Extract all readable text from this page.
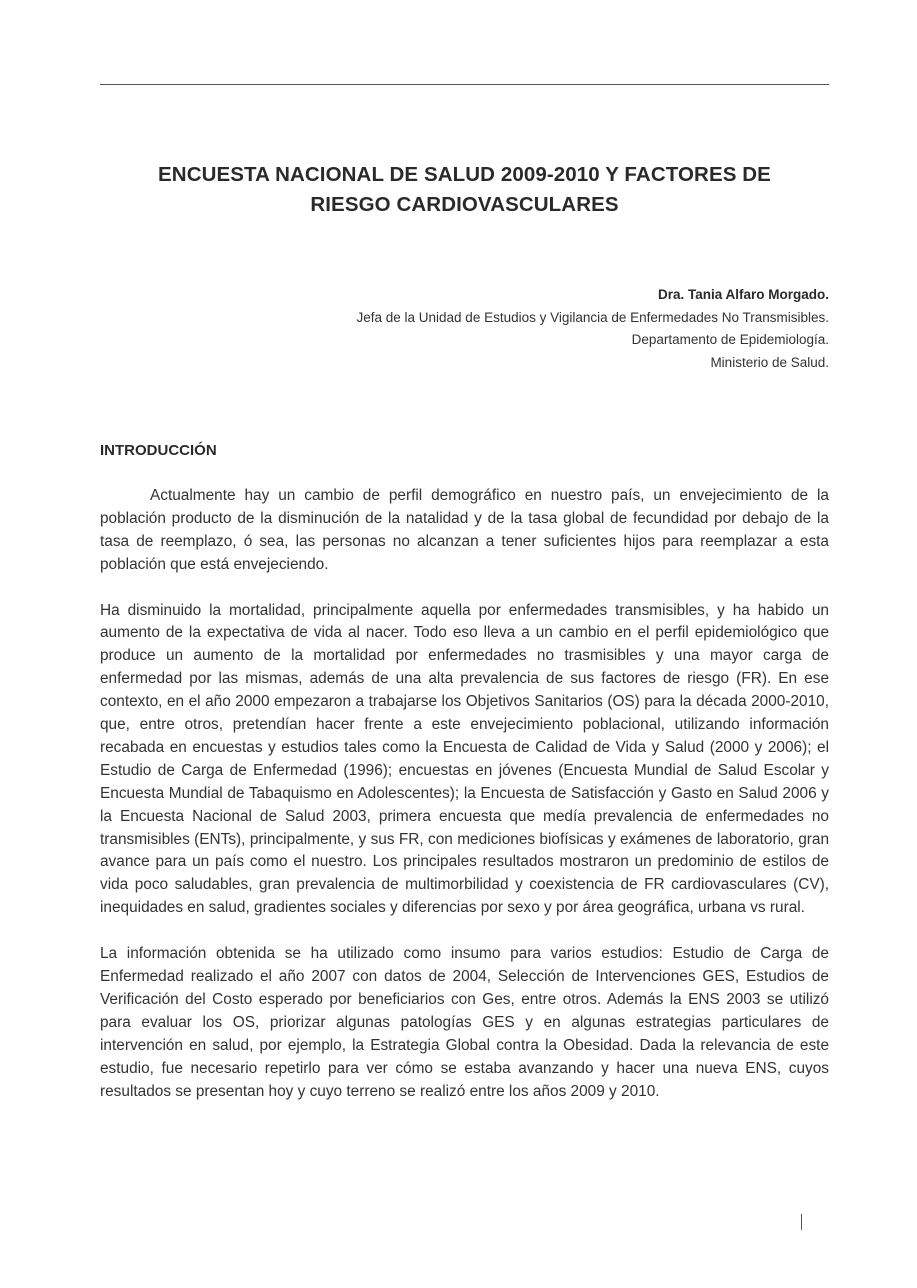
ENCUESTA NACIONAL DE SALUD 2009-2010 Y FACTORES DE
RIESGO CARDIOVASCULARES
Dra. Tania Alfaro Morgado.
Jefa de la Unidad de Estudios y Vigilancia de Enfermedades No Transmisibles.
Departamento de Epidemiología.
Ministerio de Salud.
INTRODUCCIÓN

Actualmente hay un cambio de perfil demográfico en nuestro país, un envejecimiento de la población producto de la disminución de la natalidad y de la tasa global de fecundidad por debajo de la tasa de reemplazo, ó sea, las personas no alcanzan a tener suficientes hijos para reemplazar a esta población que está envejeciendo.

Ha disminuido la mortalidad, principalmente aquella por enfermedades transmisibles, y ha habido un aumento de la expectativa de vida al nacer. Todo eso lleva a un cambio en el perfil epidemiológico que produce un aumento de la mortalidad por enfermedades no trasmisibles y una mayor carga de enfermedad por las mismas, además de una alta prevalencia de sus factores de riesgo (FR). En ese contexto, en el año 2000 empezaron a trabajarse los Objetivos Sanitarios (OS) para la década 2000-2010, que, entre otros, pretendían hacer frente a este envejecimiento poblacional, utilizando información recabada en encuestas y estudios tales como la Encuesta de Calidad de Vida y Salud (2000 y 2006); el Estudio de Carga de Enfermedad (1996); encuestas en jóvenes (Encuesta Mundial de Salud Escolar y Encuesta Mundial de Tabaquismo en Adolescentes); la Encuesta de Satisfacción y Gasto en Salud 2006 y la Encuesta Nacional de Salud 2003, primera encuesta que medía prevalencia de enfermedades no transmisibles (ENTs), principalmente, y sus FR, con mediciones biofísicas y exámenes de laboratorio, gran avance para un país como el nuestro. Los principales resultados mostraron un predominio de estilos de vida poco saludables, gran prevalencia de multimorbilidad y coexistencia de FR cardiovasculares (CV), inequidades en salud, gradientes sociales y diferencias por sexo y por área geográfica, urbana vs rural.

La información obtenida se ha utilizado como insumo para varios estudios: Estudio de Carga de Enfermedad realizado el año 2007 con datos de 2004, Selección de Intervenciones GES, Estudios de Verificación del Costo esperado por beneficiarios con Ges, entre otros. Además la ENS 2003 se utilizó para evaluar los OS, priorizar algunas patologías GES y en algunas estrategias particulares de intervención en salud, por ejemplo, la Estrategia Global contra la Obesidad. Dada la relevancia de este estudio, fue necesario repetirlo para ver cómo se estaba avanzando y hacer una nueva ENS, cuyos resultados se presentan hoy y cuyo terreno se realizó entre los años 2009 y 2010.
